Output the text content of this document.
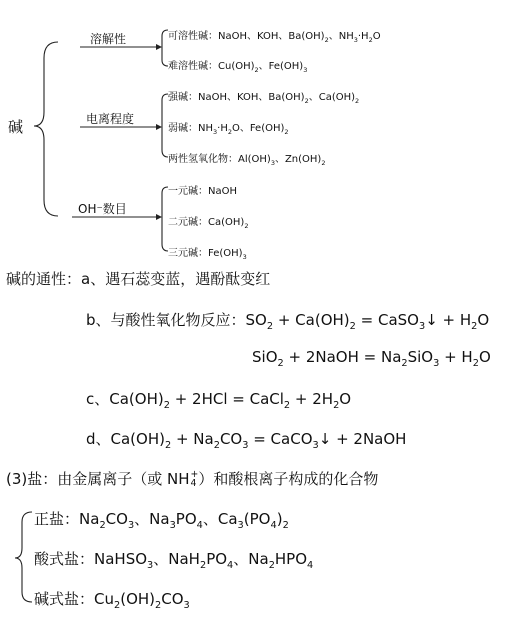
碱
溶解性
电离程度
OH⁻数目
可溶性碱：NaOH、KOH、$Ba(OH)_2$、$NH_3\cdot H_2O$
难溶性碱：$Cu(OH)_2$、$Fe(OH)_3$
强碱：NaOH、KOH、$Ba(OH)_2$、$Ca(OH)_2$
弱碱：$NH_3\cdot H_2O$、$Fe(OH)_2$
两性氢氧化物：$Al(OH)_3$、$Zn(OH)_2$
一元碱：NaOH
二元碱：$Ca(OH)_2$
三元碱：$Fe(OH)_3$
碱的通性：a、遇石蕊变蓝，遇酚酞变红
b、与酸性氧化物反应：$SO_2 + Ca(OH)_2$ = CaSO$_3$↓ + $H_2O$
SiO$_2$ + 2NaOH = $Na_2SiO_3 + H_2O$
c、$Ca(OH)_2 + 2HCl$ = CaCl$_2$ + $2H_2O$
d、$Ca(OH)_2 + Na_2CO_3$ = CaCO$_3$↓ + 2NaOH
(3)盐：由金属离子（或 NH+
4 ）和酸根离子构成的化合物
正盐：$Na_2CO_3$、$Na_3PO_4$、$Ca_3(PO_4)_2$
酸式盐：NaHSO$_3$、$NaH_2PO_4$、$Na_2HPO_4$
碱式盐：$Cu_2(OH)_2CO_3$
